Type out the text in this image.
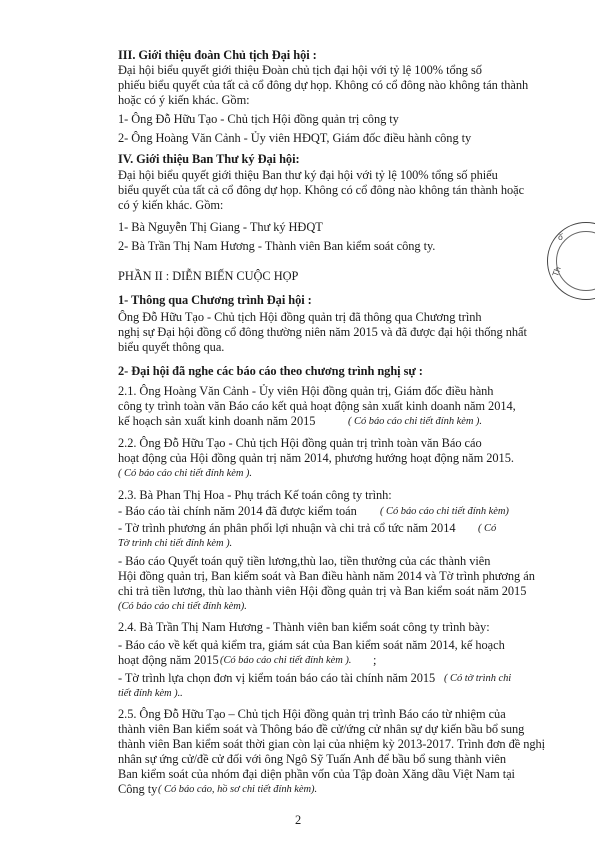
III. Giới thiệu đoàn Chủ tịch Đại hội :
Đại hội biểu quyết giới thiệu Đoàn chủ tịch đại hội với tỷ lệ 100% tổng số
phiếu biểu quyết của tất cả cổ đông dự họp. Không có cổ đông nào không tán thành
hoặc có ý kiến khác. Gồm:
1- Ông Đỗ Hữu Tạo - Chủ tịch Hội đồng quản trị công ty
2- Ông Hoàng Văn Cảnh - Ủy viên HĐQT, Giám đốc điều hành công ty
IV. Giới thiệu Ban Thư ký Đại hội:
Đại hội biểu quyết giới thiệu Ban thư ký đại hội với tỷ lệ 100% tổng số phiếu
biểu quyết của tất cả cổ đông dự họp. Không có cổ đông nào không tán thành hoặc
có ý kiến khác. Gồm:
1- Bà Nguyễn Thị Giang - Thư ký HĐQT
2- Bà Trần Thị Nam Hương - Thành viên Ban kiểm soát công ty.
PHẦN II : DIỄN BIẾN CUỘC HỌP
1- Thông qua Chương trình Đại hội :
Ông Đỗ Hữu Tạo - Chủ tịch Hội đồng quản trị đã thông qua Chương trình
nghị sự Đại hội đồng cổ đông thường niên năm 2015 và đã được đại hội thống nhất
biểu quyết thông qua.
2- Đại hội đã nghe các báo cáo theo chương trình nghị sự :
2.1. Ông Hoàng Văn Cảnh - Ủy viên Hội đồng quản trị, Giám đốc điều hành
công ty trình toàn văn Báo cáo kết quả hoạt động sản xuất kinh doanh năm 2014,
kế hoạch sản xuất kinh doanh năm 2015	( Có báo cáo chi tiết đính kèm ).
2.2. Ông Đỗ Hữu Tạo - Chủ tịch Hội đồng quản trị trình toàn văn Báo cáo
hoạt động của Hội đồng quản trị năm 2014, phương hướng hoạt động năm 2015.
( Có báo cáo chi tiết đính kèm ).
2.3. Bà Phan Thị Hoa - Phụ trách Kế toán công ty trình:
- Báo cáo tài chính năm 2014 đã được kiểm toán ( Có báo cáo chi tiết đính kèm)
- Tờ trình phương án phân phối lợi nhuận và chi trả cổ tức năm 2014 ( Có
Tờ trình chi tiết đính kèm ).
- Báo cáo Quyết toán quỹ tiền lương,thù lao, tiền thưởng của các thành viên
Hội đồng quản trị, Ban kiểm soát và Ban điều hành năm 2014 và Tờ trình phương án
chi trả tiền lương, thù lao thành viên Hội đồng quản trị và Ban kiểm soát năm 2015
(Có báo cáo chi tiết đính kèm).
2.4. Bà Trần Thị Nam Hương - Thành viên ban kiểm soát công ty trình bày:
- Báo cáo về kết quả kiểm tra, giám sát của Ban kiểm soát năm 2014, kế hoạch
hoạt động năm 2015 (Có báo cáo chi tiết đính kèm ). ;
- Tờ trình lựa chọn đơn vị kiểm toán báo cáo tài chính năm 2015 ( Có tờ trình chi
tiết đính kèm )..
2.5. Ông Đỗ Hữu Tạo – Chủ tịch Hội đồng quản trị trình Báo cáo từ nhiệm của
thành viên Ban kiểm soát và Thông báo đề cử/ứng cử nhân sự dự kiến bầu bổ sung
thành viên Ban kiểm soát thời gian còn lại của nhiệm kỳ 2013-2017. Trình đơn đề nghị
nhân sự ứng cử/đề cử đối với ông Ngô Sỹ Tuấn Anh để bầu bổ sung thành viên
Ban kiểm soát của nhóm đại diện phần vốn của Tập đoàn Xăng dầu Việt Nam tại
Công ty ( Có báo cáo, hồ sơ chi tiết đính kèm).
2
ố
Th
